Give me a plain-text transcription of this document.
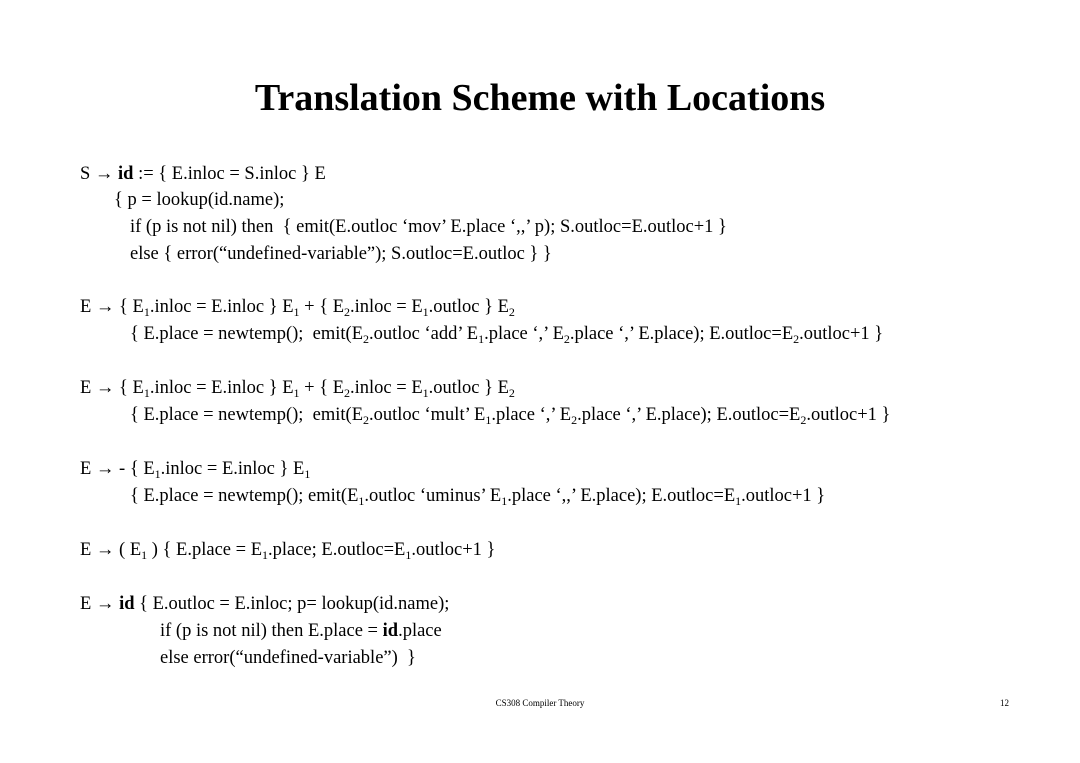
Translation Scheme with Locations
S → id := { E.inloc = S.inloc } E
{ p = lookup(id.name);
if (p is not nil) then  { emit(E.outloc ‘mov’ E.place ‘,,’ p); S.outloc=E.outloc+1 }
else { error(“undefined-variable”); S.outloc=E.outloc } }
E → { $E_1.inloc$ = E.inloc } $E_1$ + { $E_2.inloc$ = $E_1.outloc$ } $E_2$
{ E.place = newtemp();  $emit(E_2.outloc$ ‘add’ $E_1.place$ ‘,’ $E_2.place$ ‘,’ E.place); $E.outloc=E_2.outloc+1$ }
E → { $E_1.inloc$ = E.inloc } $E_1$ + { $E_2.inloc$ = $E_1.outloc$ } $E_2$
{ E.place = newtemp();  $emit(E_2.outloc$ ‘mult’ $E_1.place$ ‘,’ $E_2.place$ ‘,’ E.place); $E.outloc=E_2.outloc+1$ }
E → - { $E_1.inloc$ = E.inloc } $E_1$
{ E.place = newtemp(); $emit(E_1.outloc$ ‘uminus’ $E_1.place$ ‘,,’ E.place); $E.outloc=E_1.outloc+1$ }
E → ( $E_1$ ) { E.place = $E_1.place$; $E.outloc=E_1.outloc+1$ }
E → id { E.outloc = E.inloc; p= lookup(id.name);
if (p is not nil) then E.place = id.place
else error(“undefined-variable”)  }
CS308 Compiler Theory	12
